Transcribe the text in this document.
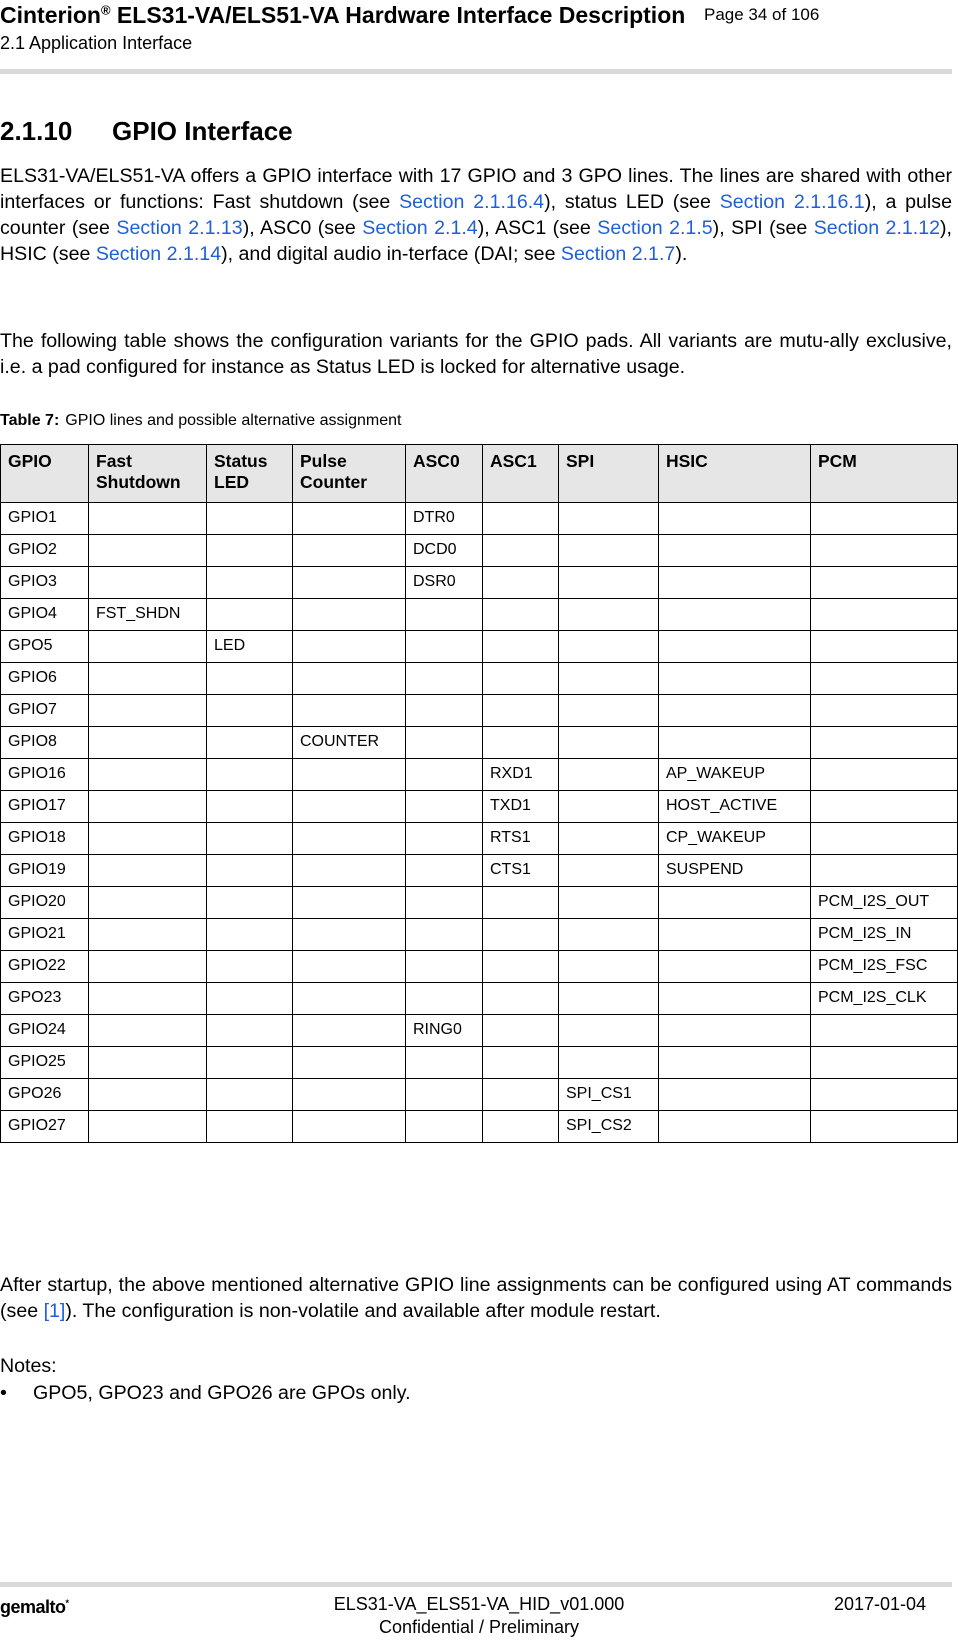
Cinterion® ELS31-VA/ELS51-VA Hardware Interface Description
2.1 Application Interface
Page 34 of 106
2.1.10 GPIO Interface
ELS31-VA/ELS51-VA offers a GPIO interface with 17 GPIO and 3 GPO lines. The lines are shared with other interfaces or functions: Fast shutdown (see Section 2.1.16.4), status LED (see Section 2.1.16.1), a pulse counter (see Section 2.1.13), ASC0 (see Section 2.1.4), ASC1 (see Section 2.1.5), SPI (see Section 2.1.12), HSIC (see Section 2.1.14), and digital audio in-terface (DAI; see Section 2.1.7).
The following table shows the configuration variants for the GPIO pads. All variants are mutu-ally exclusive, i.e. a pad configured for instance as Status LED is locked for alternative usage.
Table 7: GPIO lines and possible alternative assignment
GPIO	Fast Shutdown	Status LED	Pulse Counter	ASC0	ASC1	SPI	HSIC	PCM
GPIO1				DTR0				
GPIO2				DCD0				
GPIO3				DSR0				
GPIO4	FST_SHDN							
GPO5		LED						
GPIO6								
GPIO7								
GPIO8			COUNTER					
GPIO16					RXD1		AP_WAKEUP	
GPIO17					TXD1		HOST_ACTIVE	
GPIO18					RTS1		CP_WAKEUP	
GPIO19					CTS1		SUSPEND	
GPIO20								PCM_I2S_OUT
GPIO21								PCM_I2S_IN
GPIO22								PCM_I2S_FSC
GPO23								PCM_I2S_CLK
GPIO24				RING0				
GPIO25								
GPO26						SPI_CS1		
GPIO27						SPI_CS2		
After startup, the above mentioned alternative GPIO line assignments can be configured using AT commands (see [1]). The configuration is non-volatile and available after module restart.
Notes:
• GPO5, GPO23 and GPO26 are GPOs only.
gemalto*	ELS31-VA_ELS51-VA_HID_v01.000
Confidential / Preliminary
2017-01-04
